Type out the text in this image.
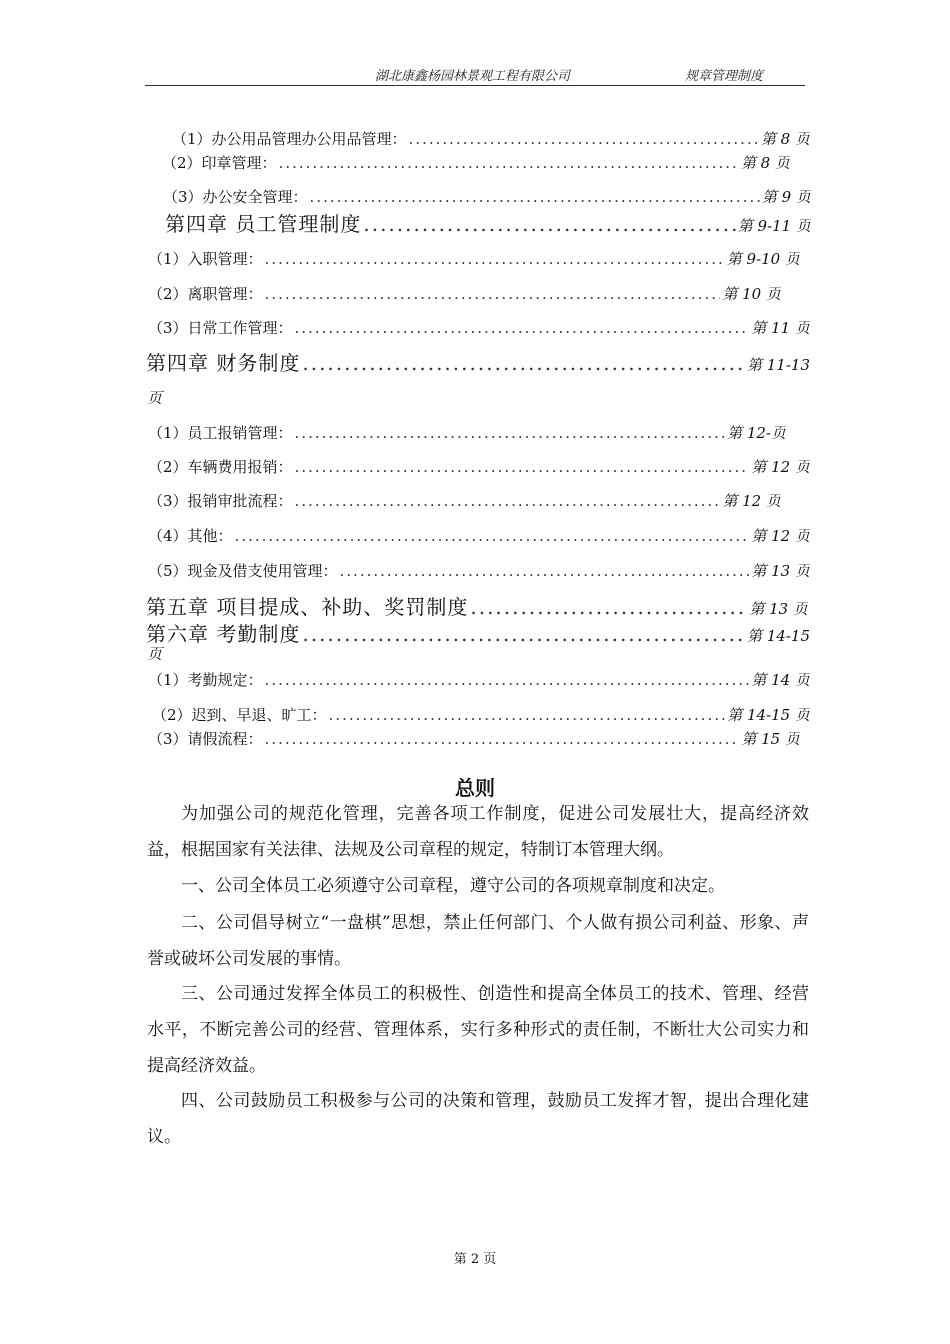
湖北康鑫杨园林景观工程有限公司	规章管理制度
（1）办公用品管理办公用品管理： .....	第 8 页
（2）印章管理： .....	第 8 页
（3）办公安全管理： .....	第 9 页
第四章 员工管理制度 .....	第 9-11 页
（1）入职管理： .....	第 9-10 页
（2）离职管理： .....	第 10 页
（3）日常工作管理： .....	第 11 页
第四章 财务制度 .....	第 11-13
页
（1）员工报销管理： .....	第 12-页
（2）车辆费用报销： .....	第 12 页
（3）报销审批流程： .....	第 12 页
（4）其他： .....	第 12 页
（5）现金及借支使用管理： .....	第 13 页
第五章 项目提成、补助、奖罚制度 .....	第 13 页
第六章 考勤制度 .....	第 14-15
页
（1）考勤规定： .....	第 14 页
（2）迟到、早退、旷工： .....	第 14-15 页
（3）请假流程： .....	第 15 页
总则

为加强公司的规范化管理，完善各项工作制度，促进公司发展壮大，提高经济效益，根据国家有关法律、法规及公司章程的规定，特制订本管理大纲。

一、公司全体员工必须遵守公司章程，遵守公司的各项规章制度和决定。

二、公司倡导树立“一盘棋”思想，禁止任何部门、个人做有损公司利益、形象、声誉或破坏公司发展的事情。

三、公司通过发挥全体员工的积极性、创造性和提高全体员工的技术、管理、经营水平，不断完善公司的经营、管理体系，实行多种形式的责任制，不断壮大公司实力和提高经济效益。

四、公司鼓励员工积极参与公司的决策和管理，鼓励员工发挥才智，提出合理化建议。

第 2 页
